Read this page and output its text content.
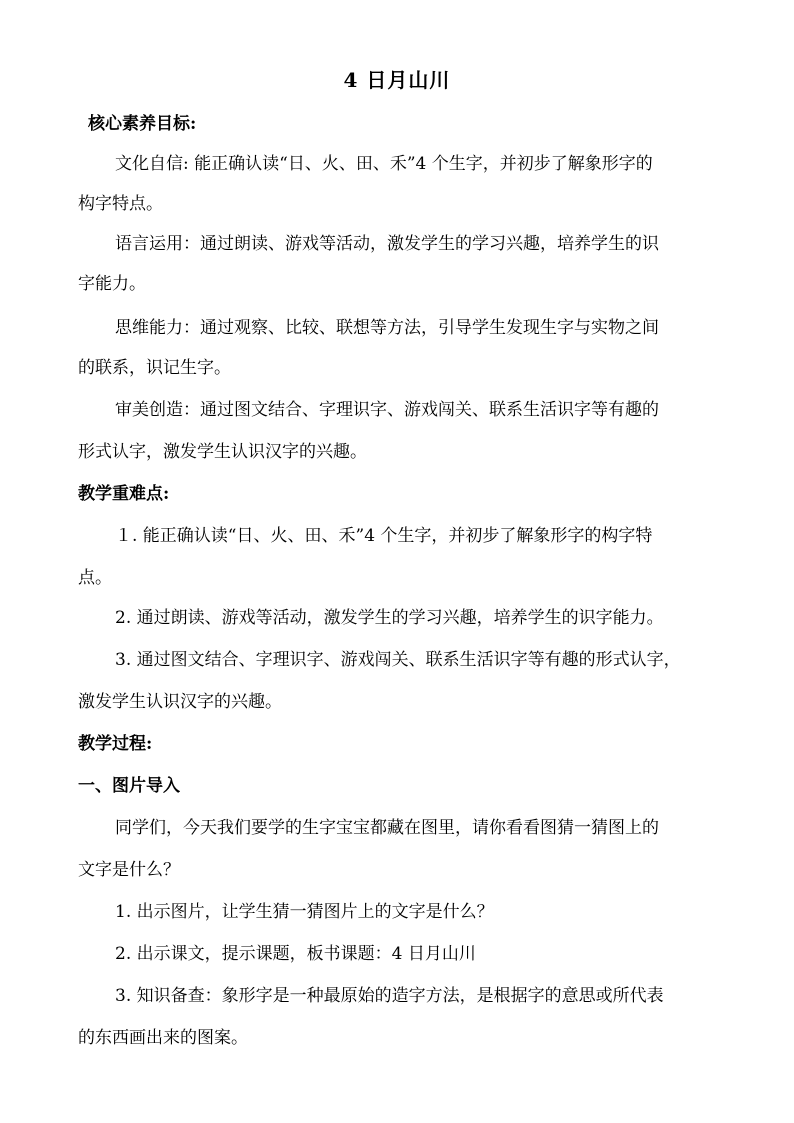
4 日月山川
核心素养目标:
文化自信: 能正确认读“日、火、田、禾”4 个生字，并初步了解象形字的
构字特点。
语言运用：通过朗读、游戏等活动，激发学生的学习兴趣，培养学生的识
字能力。
思维能力：通过观察、比较、联想等方法，引导学生发现生字与实物之间
的联系，识记生字。
审美创造：通过图文结合、字理识字、游戏闯关、联系生活识字等有趣的
形式认字，激发学生认识汉字的兴趣。
教学重难点:
１. 能正确认读“日、火、田、禾”4 个生字，并初步了解象形字的构字特
点。
2. 通过朗读、游戏等活动，激发学生的学习兴趣，培养学生的识字能力。
3. 通过图文结合、字理识字、游戏闯关、联系生活识字等有趣的形式认字，
激发学生认识汉字的兴趣。
教学过程:
一、图片导入
同学们，今天我们要学的生字宝宝都藏在图里，请你看看图猜一猜图上的
文字是什么？
1. 出示图片，让学生猜一猜图片上的文字是什么？
2. 出示课文，提示课题，板书课题：4 日月山川
3. 知识备查：象形字是一种最原始的造字方法，是根据字的意思或所代表
的东西画出来的图案。
